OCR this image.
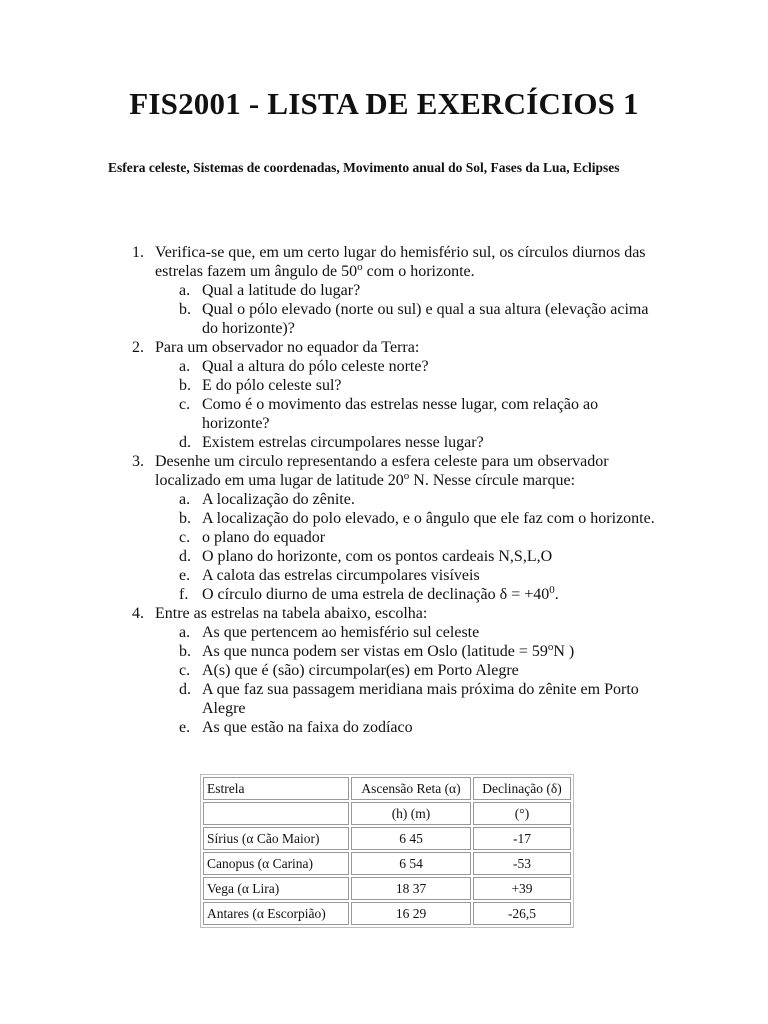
FIS2001 - LISTA DE EXERCÍCIOS 1
Esfera celeste, Sistemas de coordenadas, Movimento anual do Sol, Fases da Lua, Eclipses
1. Verifica-se que, em um certo lugar do hemisfério sul, os círculos diurnos das estrelas fazem um ângulo de 50$^o$ com o horizonte.
a. Qual a latitude do lugar?
b. Qual o pólo elevado (norte ou sul) e qual a sua altura (elevação acima do horizonte)?
2. Para um observador no equador da Terra:
a. Qual a altura do pólo celeste norte?
b. E do pólo celeste sul?
c. Como é o movimento das estrelas nesse lugar, com relação ao horizonte?
d. Existem estrelas circumpolares nesse lugar?
3. Desenhe um circulo representando a esfera celeste para um observador localizado em uma lugar de latitude 20$^o$ N. Nesse círcule marque:
a. A localização do zênite.
b. A localização do polo elevado, e o ângulo que ele faz com o horizonte.
c. o plano do equador
d. O plano do horizonte, com os pontos cardeais N,S,L,O
e. A calota das estrelas circumpolares visíveis
f. O círculo diurno de uma estrela de declinação $\delta = +40^0$.
4. Entre as estrelas na tabela abaixo, escolha:
a. As que pertencem ao hemisfério sul celeste
b. As que nunca podem ser vistas em Oslo (latitude = $59^oN$ )
c. A(s) que é (são) circumpolar(es) em Porto Alegre
d. A que faz sua passagem meridiana mais próxima do zênite em Porto Alegre
e. As que estão na faixa do zodíaco
Estrela	Ascensão Reta (α)	Declinação (δ)
	(h) (m)	(°)
Sírius (α Cão Maior)	6 45	-17
Canopus (α Carina)	6 54	-53
Vega (α Lira)	18 37	+39
Antares (α Escorpião)	16 29	-26,5
